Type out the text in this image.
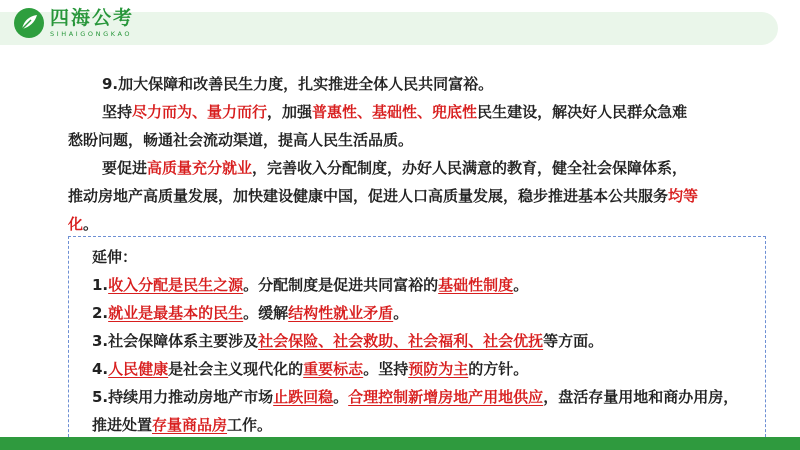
四海公考
SIHAIGONGKAO
9.加大保障和改善民生力度，扎实推进全体人民共同富裕。
坚持尽力而为、量力而行，加强普惠性、基础性、兜底性民生建设，解决好人民群众急难
愁盼问题，畅通社会流动渠道，提高人民生活品质。
要促进高质量充分就业，完善收入分配制度，办好人民满意的教育，健全社会保障体系，
推动房地产高质量发展，加快建设健康中国，促进人口高质量发展，稳步推进基本公共服务均等
化。
延伸：
1.收入分配是民生之源。分配制度是促进共同富裕的基础性制度。
2.就业是最基本的民生。缓解结构性就业矛盾。
3.社会保障体系主要涉及社会保险、社会救助、社会福利、社会优抚等方面。
4.人民健康是社会主义现代化的重要标志。坚持预防为主的方针。
5.持续用力推动房地产市场止跌回稳。合理控制新增房地产用地供应，盘活存量用地和商办用房，
推进处置存量商品房工作。
